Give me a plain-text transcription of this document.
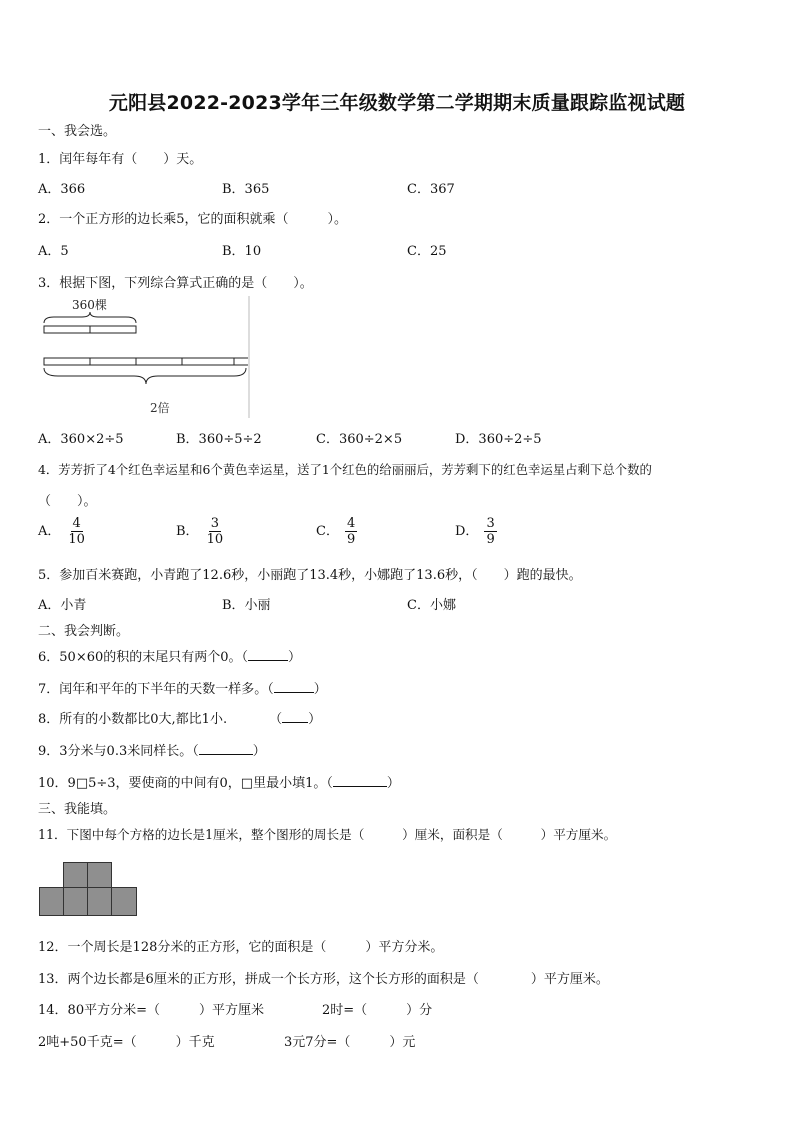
元阳县2022-2023学年三年级数学第二学期期末质量跟踪监视试题
一、我会选。
1．闰年每年有（　　）天。
A．366	B．365	C．367
2．一个正方形的边长乘5，它的面积就乘（　　　）。
A．5	B．10	C．25
3．根据下图，下列综合算式正确的是（　　）。
360棵
2倍
A．360×2÷5	B．360÷5÷2	C．360÷2×5	D．360÷2÷5
4．芳芳折了4个红色幸运星和6个黄色幸运星，送了1个红色的给丽丽后，芳芳剩下的红色幸运星占剩下总个数的
（　　）。
A． $\frac{4}{10}$	B． $\frac{3}{10}$	C． $\frac{4}{9}$	D． $\frac{3}{9}$
5．参加百米赛跑，小青跑了12.6秒，小丽跑了13.4秒，小娜跑了13.6秒，（　　）跑的最快。
A．小青	B．小丽	C．小娜
二、我会判断。
6．50×60的积的末尾只有两个0。（	）
7．闰年和平年的下半年的天数一样多。（	）
8．所有的小数都比0大,都比1小.	（ ）
9．3分米与0.3米同样长。（	）
10．9□5÷3，要使商的中间有0，□里最小填1。（	）
三、我能填。
11．下图中每个方格的边长是1厘米，整个图形的周长是（　　　）厘米，面积是（　　　）平方厘米。
12．一个周长是128分米的正方形，它的面积是（　　　）平方分米。
13．两个边长都是6厘米的正方形，拼成一个长方形，这个长方形的面积是（　　　　）平方厘米。
14．80平方分米=（　　　）平方厘米	2时=（　　　）分
2吨+50千克=（　　　）千克	3元7分=（　　　）元
